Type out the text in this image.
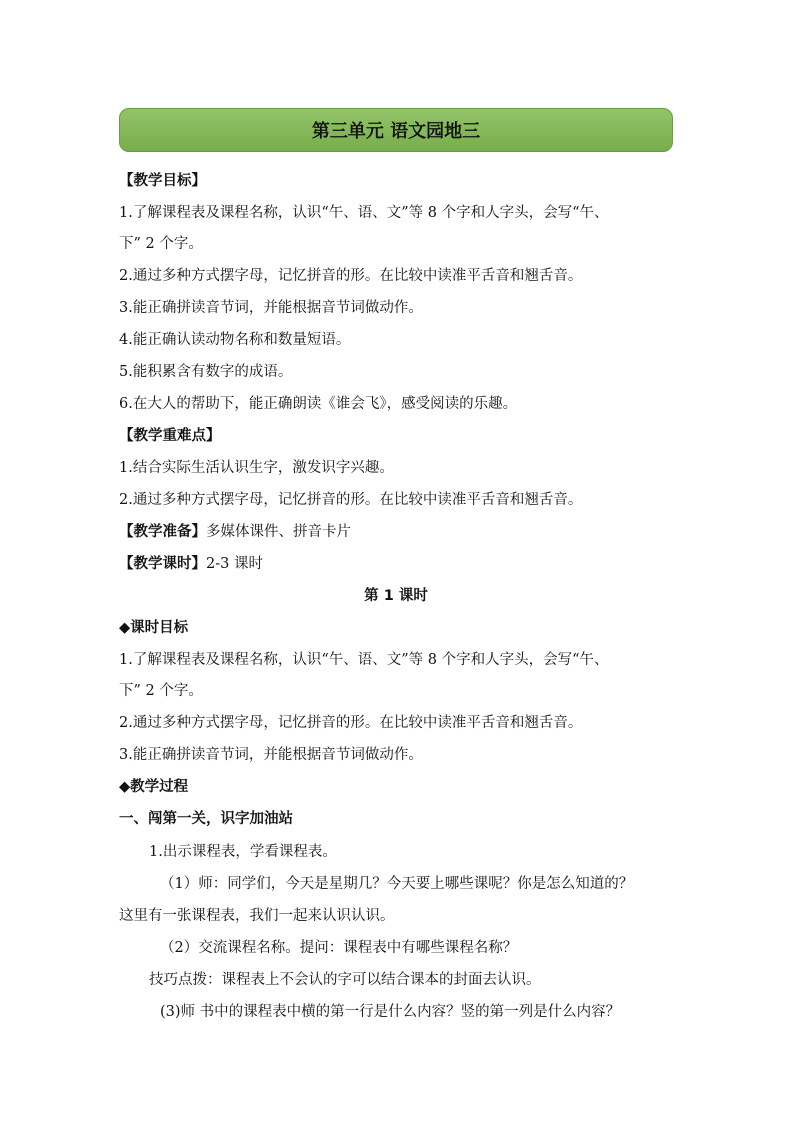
第三单元 语文园地三
【教学目标】
1.了解课程表及课程名称，认识“午、语、文”等 8 个字和人字头，会写“午、
下” 2 个字。
2.通过多种方式摆字母，记忆拼音的形。在比较中读准平舌音和翘舌音。
3.能正确拼读音节词，并能根据音节词做动作。
4.能正确认读动物名称和数量短语。
5.能积累含有数字的成语。
6.在大人的帮助下，能正确朗读《谁会飞》，感受阅读的乐趣。
【教学重难点】
1.结合实际生活认识生字，激发识字兴趣。
2.通过多种方式摆字母，记忆拼音的形。在比较中读准平舌音和翘舌音。
【教学准备】多媒体课件、拼音卡片
【教学课时】2-3 课时
第 1 课时
◆课时目标
1.了解课程表及课程名称，认识“午、语、文”等 8 个字和人字头，会写“午、
下” 2 个字。
2.通过多种方式摆字母，记忆拼音的形。在比较中读准平舌音和翘舌音。
3.能正确拼读音节词，并能根据音节词做动作。
◆教学过程
一、闯第一关，识字加油站
1.出示课程表，学看课程表。
（1）师：同学们，今天是星期几？今天要上哪些课呢？你是怎么知道的？
这里有一张课程表，我们一起来认识认识。
（2）交流课程名称。提问：课程表中有哪些课程名称？
技巧点拨：课程表上不会认的字可以结合课本的封面去认识。
(3)师 书中的课程表中横的第一行是什么内容？竖的第一列是什么内容？
